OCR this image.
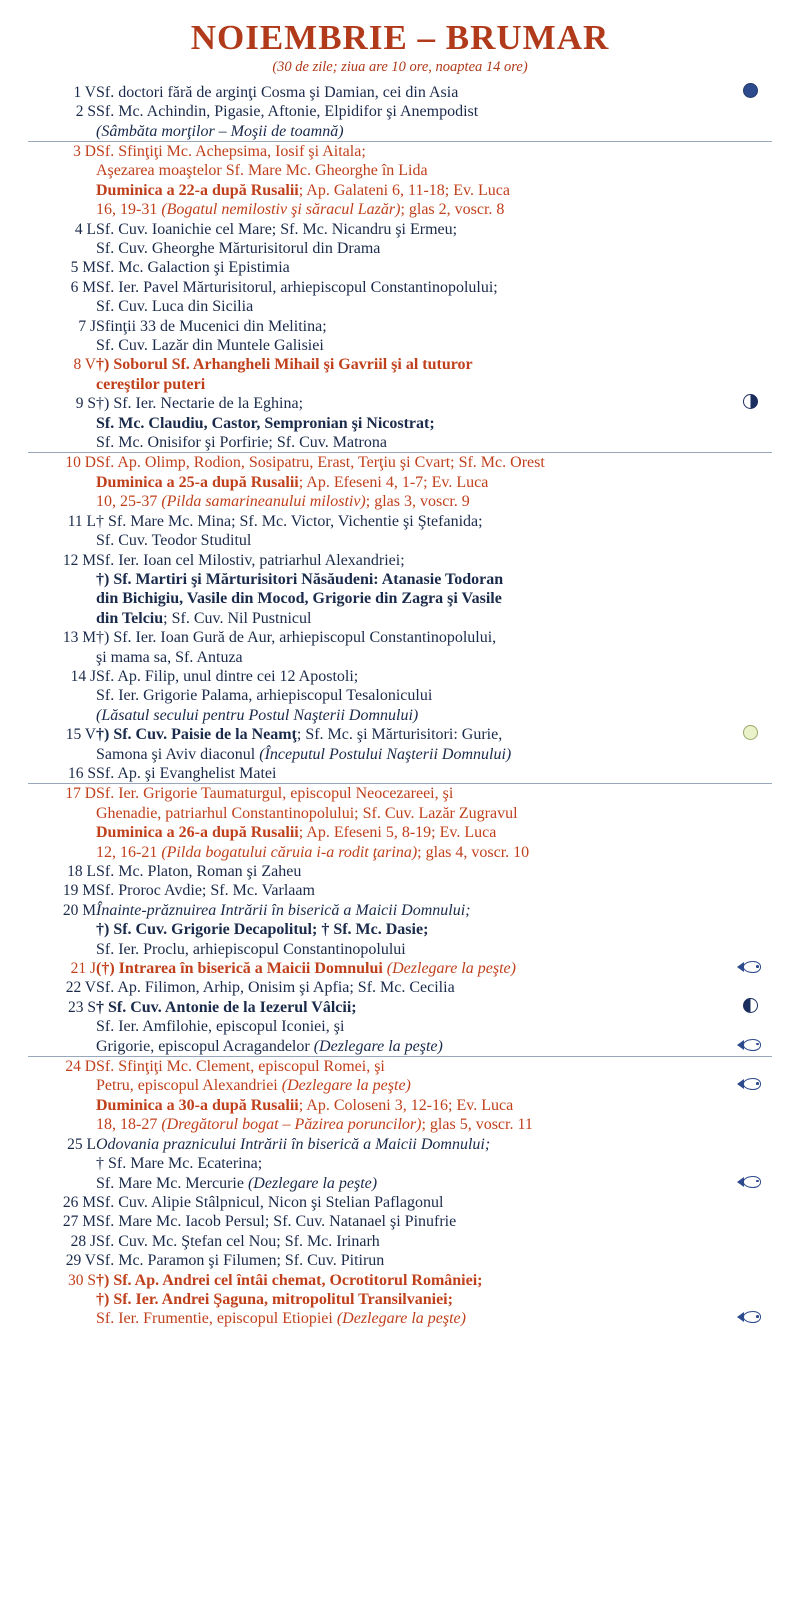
NOIEMBRIE – BRUMAR
(30 de zile; ziua are 10 ore, noaptea 14 ore)
1 V	Sf. doctori fără de arginţi Cosma şi Damian, cei din Asia	
2 S	Sf. Mc. Achindin, Pigasie, Aftonie, Elpidifor şi Anempodist	
	(Sâmbăta morţilor – Moşii de toamnă)	
3 D	Sf. Sfinţiţi Mc. Achepsima, Iosif şi Aitala;	
	Aşezarea moaştelor Sf. Mare Mc. Gheorghe în Lida	
	Duminica a 22-a după Rusalii; Ap. Galateni 6, 11-18; Ev. Luca	
	16, 19-31 (Bogatul nemilostiv şi săracul Lazăr); glas 2, voscr. 8	
4 L	Sf. Cuv. Ioanichie cel Mare; Sf. Mc. Nicandru şi Ermeu;	
	Sf. Cuv. Gheorghe Mărturisitorul din Drama	
5 M	Sf. Mc. Galaction şi Epistimia	
6 M	Sf. Ier. Pavel Mărturisitorul, arhiepiscopul Constantinopolului;	
	Sf. Cuv. Luca din Sicilia	
7 J	Sfinţii 33 de Mucenici din Melitina;	
	Sf. Cuv. Lazăr din Muntele Galisiei	
8 V	†) Soborul Sf. Arhangheli Mihail şi Gavriil şi al tuturor	
	cereştilor puteri	
9 S	†) Sf. Ier. Nectarie de la Eghina;	
	Sf. Mc. Claudiu, Castor, Sempronian şi Nicostrat;	
	Sf. Mc. Onisifor şi Porfirie; Sf. Cuv. Matrona	
10 D	Sf. Ap. Olimp, Rodion, Sosipatru, Erast, Terţiu şi Cvart; Sf. Mc. Orest	
	Duminica a 25-a după Rusalii; Ap. Efeseni 4, 1-7; Ev. Luca	
	10, 25-37 (Pilda samarineanului milostiv); glas 3, voscr. 9	
11 L	† Sf. Mare Mc. Mina; Sf. Mc. Victor, Vichentie şi Ştefanida;	
	Sf. Cuv. Teodor Studitul	
12 M	Sf. Ier. Ioan cel Milostiv, patriarhul Alexandriei;	
	†) Sf. Martiri şi Mărturisitori Năsăudeni: Atanasie Todoran	
	din Bichigiu, Vasile din Mocod, Grigorie din Zagra şi Vasile	
	din Telciu; Sf. Cuv. Nil Pustnicul	
13 M	†) Sf. Ier. Ioan Gură de Aur, arhiepiscopul Constantinopolului,	
	şi mama sa, Sf. Antuza	
14 J	Sf. Ap. Filip, unul dintre cei 12 Apostoli;	
	Sf. Ier. Grigorie Palama, arhiepiscopul Tesalonicului	
	(Lăsatul secului pentru Postul Naşterii Domnului)	
15 V	†) Sf. Cuv. Paisie de la Neamţ; Sf. Mc. şi Mărturisitori: Gurie,	
	Samona şi Aviv diaconul (Începutul Postului Naşterii Domnului)	
16 S	Sf. Ap. şi Evanghelist Matei	
17 D	Sf. Ier. Grigorie Taumaturgul, episcopul Neocezareei, şi	
	Ghenadie, patriarhul Constantinopolului; Sf. Cuv. Lazăr Zugravul	
	Duminica a 26-a după Rusalii; Ap. Efeseni 5, 8-19; Ev. Luca	
	12, 16-21 (Pilda bogatului căruia i-a rodit ţarina); glas 4, voscr. 10	
18 L	Sf. Mc. Platon, Roman şi Zaheu	
19 M	Sf. Proroc Avdie; Sf. Mc. Varlaam	
20 M	Înainte-prăznuirea Intrării în biserică a Maicii Domnului;	
	†) Sf. Cuv. Grigorie Decapolitul; † Sf. Mc. Dasie;	
	Sf. Ier. Proclu, arhiepiscopul Constantinopolului	
21 J	(†) Intrarea în biserică a Maicii Domnului (Dezlegare la peşte)	

22 V	Sf. Ap. Filimon, Arhip, Onisim şi Apfia; Sf. Mc. Cecilia	
23 S	† Sf. Cuv. Antonie de la Iezerul Vâlcii;	
	Sf. Ier. Amfilohie, episcopul Iconiei, şi	
	Grigorie, episcopul Acragandelor (Dezlegare la peşte)	

24 D	Sf. Sfinţiţi Mc. Clement, episcopul Romei, şi	
	Petru, episcopul Alexandriei (Dezlegare la peşte)	

	Duminica a 30-a după Rusalii; Ap. Coloseni 3, 12-16; Ev. Luca	
	18, 18-27 (Dregătorul bogat – Păzirea poruncilor); glas 5, voscr. 11	
25 L	Odovania praznicului Intrării în biserică a Maicii Domnului;	
	† Sf. Mare Mc. Ecaterina;	
	Sf. Mare Mc. Mercurie (Dezlegare la peşte)	

26 M	Sf. Cuv. Alipie Stâlpnicul, Nicon şi Stelian Paflagonul	
27 M	Sf. Mare Mc. Iacob Persul; Sf. Cuv. Natanael şi Pinufrie	
28 J	Sf. Cuv. Mc. Ştefan cel Nou; Sf. Mc. Irinarh	
29 V	Sf. Mc. Paramon şi Filumen; Sf. Cuv. Pitirun	
30 S	†) Sf. Ap. Andrei cel întâi chemat, Ocrotitorul României;	
	†) Sf. Ier. Andrei Şaguna, mitropolitul Transilvaniei;	
	Sf. Ier. Frumentie, episcopul Etiopiei (Dezlegare la peşte)	
